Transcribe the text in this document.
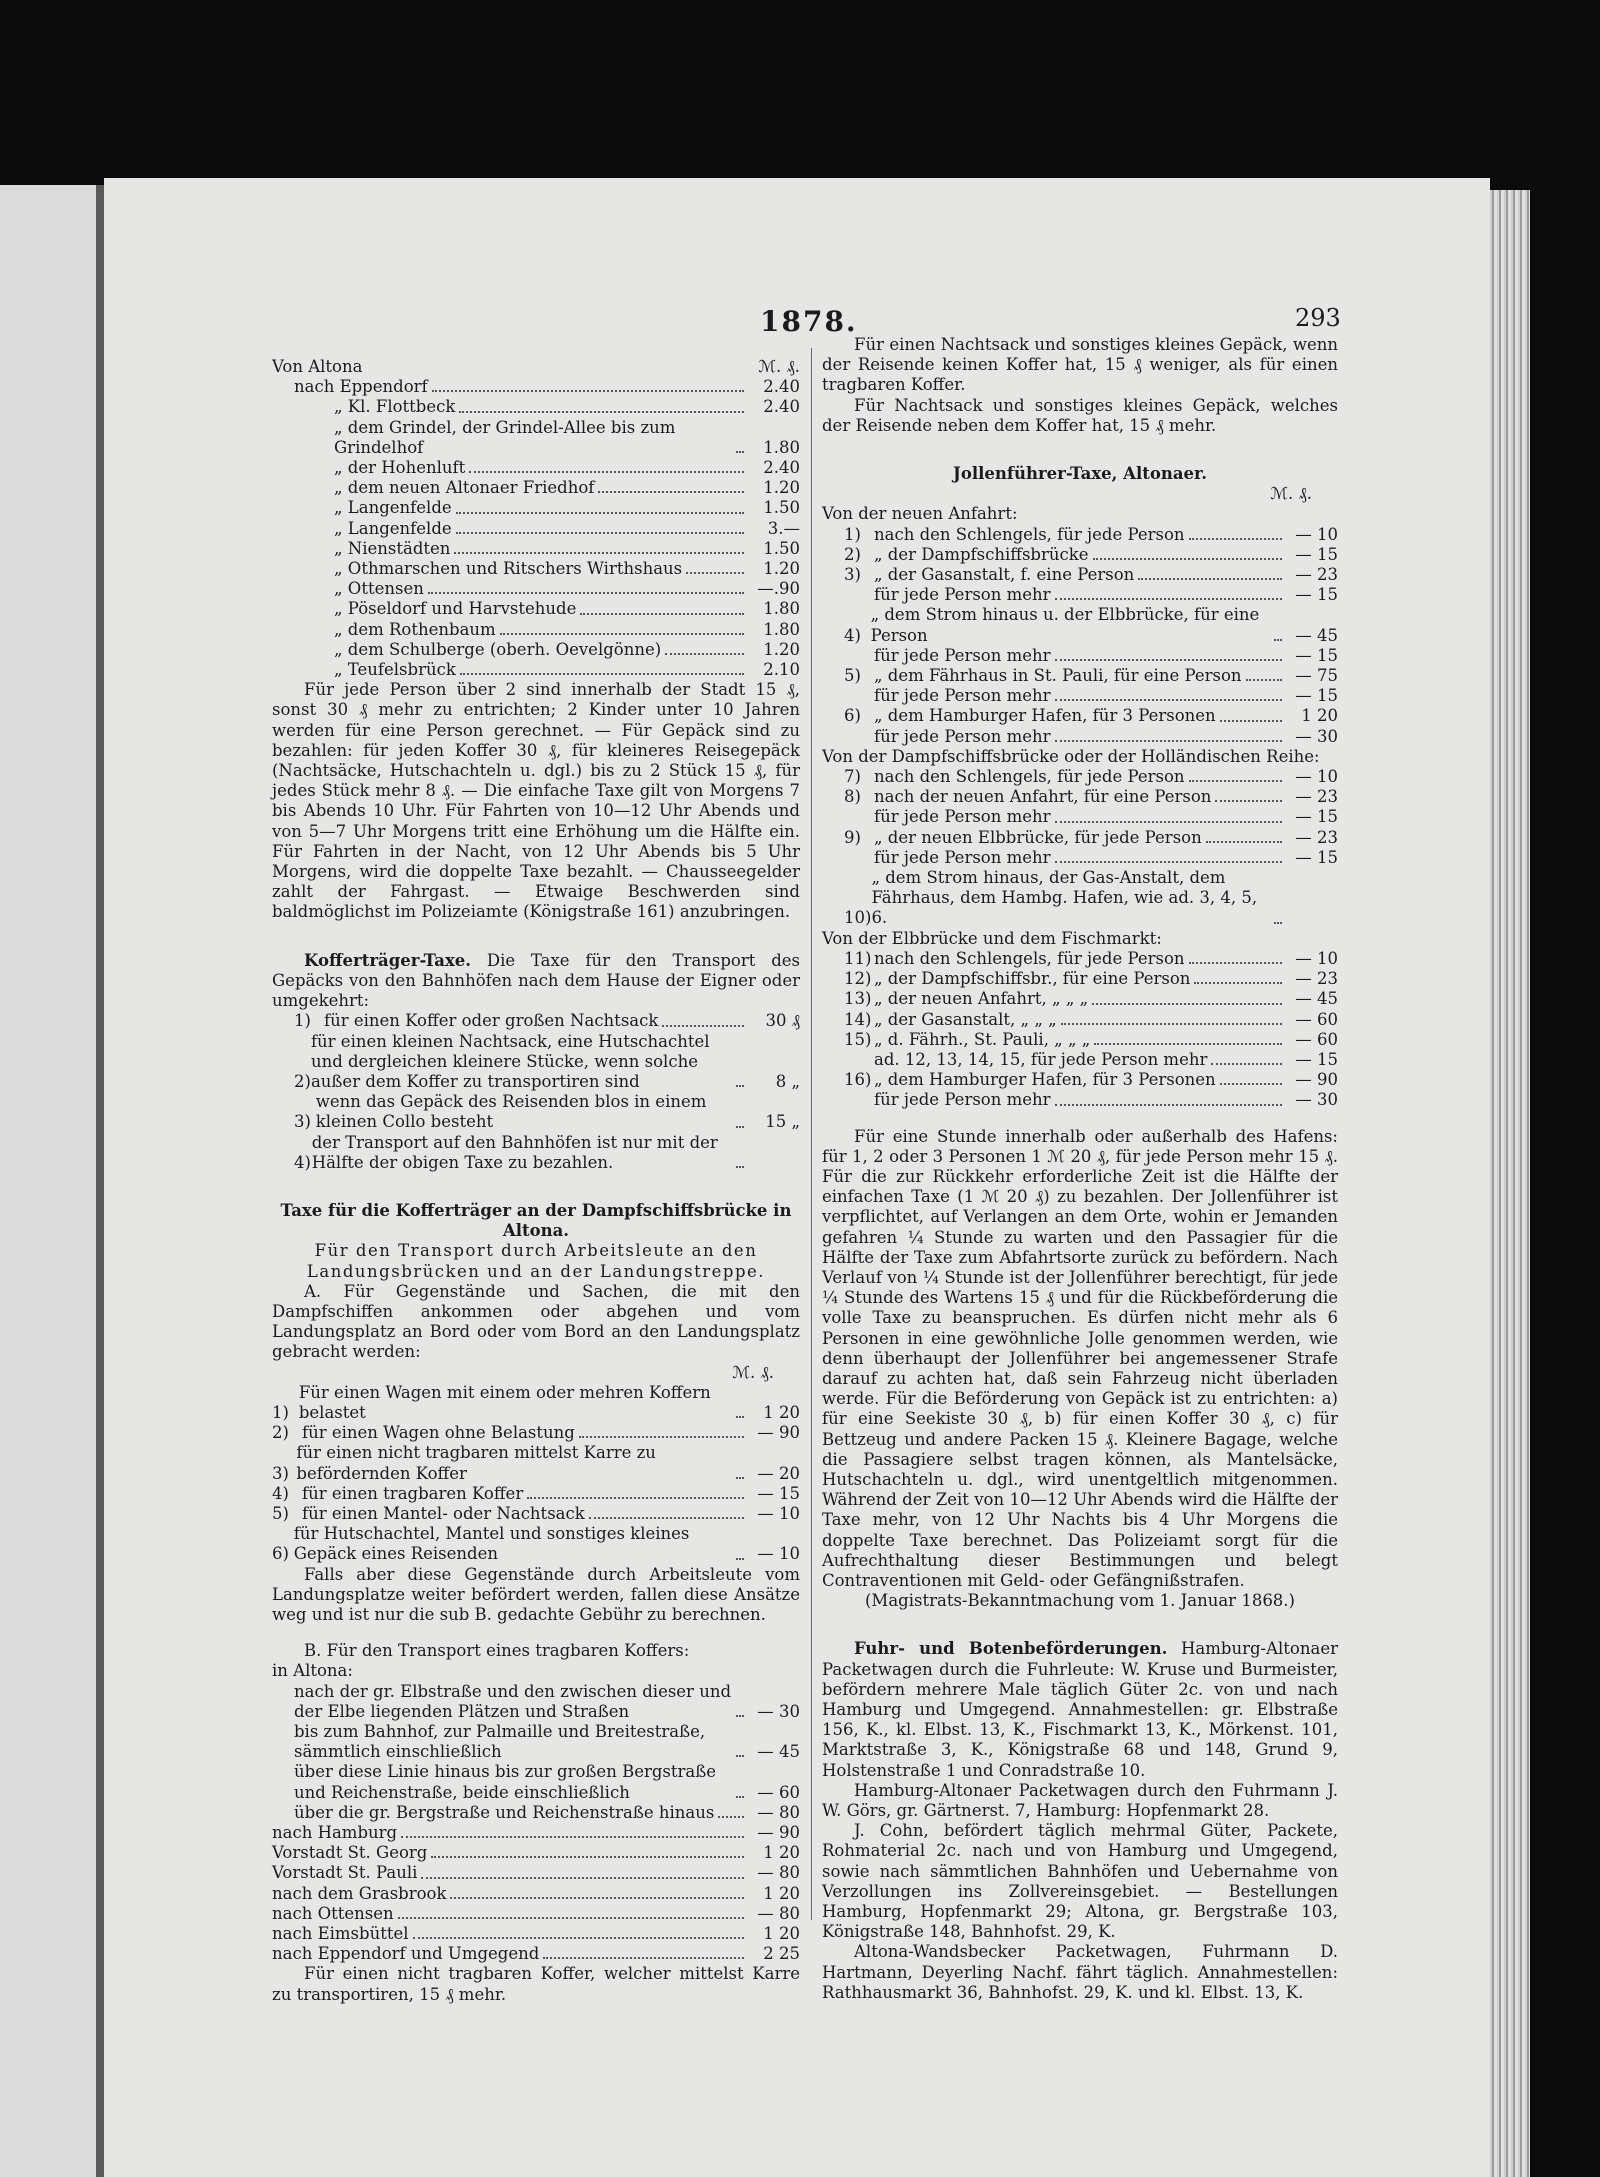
1878.	293
Von Altona	ℳ. ₰.
nach Eppendorf	2.40
„ Kl. Flottbeck	2.40
„ dem Grindel, der Grindel-Allee bis zum Grindelhof	1.80
„ der Hohenluft	2.40
„ dem neuen Altonaer Friedhof	1.20
„ Langenfelde	1.50
„ Langenfelde	3.—
„ Nienstädten	1.50
„ Othmarschen und Ritschers Wirthshaus	1.20
„ Ottensen	—.90
„ Pöseldorf und Harvstehude	1.80
„ dem Rothenbaum	1.80
„ dem Schulberge (oberh. Oevelgönne)	1.20
„ Teufelsbrück	2.10

Für jede Person über 2 sind innerhalb der Stadt 15 ₰, sonst 30 ₰ mehr zu entrichten; 2 Kinder unter 10 Jahren werden für eine Person gerechnet. — Für Gepäck sind zu bezahlen: für jeden Koffer 30 ₰, für kleineres Reisegepäck (Nachtsäcke, Hutschachteln u. dgl.) bis zu 2 Stück 15 ₰, für jedes Stück mehr 8 ₰. — Die einfache Taxe gilt von Morgens 7 bis Abends 10 Uhr. Für Fahrten von 10—12 Uhr Abends und von 5—7 Uhr Morgens tritt eine Erhöhung um die Hälfte ein. Für Fahrten in der Nacht, von 12 Uhr Abends bis 5 Uhr Morgens, wird die doppelte Taxe bezahlt. — Chausseegelder zahlt der Fahrgast. — Etwaige Beschwerden sind baldmöglichst im Polizeiamte (Königstraße 161) anzubringen.

Kofferträger-Taxe. Die Taxe für den Transport des Gepäcks von den Bahnhöfen nach dem Hause der Eigner oder umgekehrt:

1) für einen Koffer oder großen Nachtsack	30 ₰
2)
für einen kleinen Nachtsack, eine Hutschachtel und dergleichen kleinere Stücke, wenn solche außer dem Koffer zu transportiren sind	8 „
3)
wenn das Gepäck des Reisenden blos in einem kleinen Collo besteht	15 „
4)
der Transport auf den Bahnhöfen ist nur mit der Hälfte der obigen Taxe zu bezahlen.
Taxe für die Kofferträger an der Dampfschiffsbrücke in Altona.
Für den Transport durch Arbeitsleute an den Landungsbrücken und an der Landungstreppe.

A. Für Gegenstände und Sachen, die mit den Dampfschiffen ankommen oder abgehen und vom Landungsplatz an Bord oder vom Bord an den Landungsplatz gebracht werden:

ℳ. ₰.
1)
Für einen Wagen mit einem oder mehren Koffern belastet	1 20
2) für einen Wagen ohne Belastung	— 90
3)
für einen nicht tragbaren mittelst Karre zu befördernden Koffer	— 20
4) für einen tragbaren Koffer	— 15
5) für einen Mantel- oder Nachtsack	— 10
6)
für Hutschachtel, Mantel und sonstiges kleines Gepäck eines Reisenden	— 10

Falls aber diese Gegenstände durch Arbeitsleute vom Landungsplatze weiter befördert werden, fallen diese Ansätze weg und ist nur die sub B. gedachte Gebühr zu berechnen.

B. Für den Transport eines tragbaren Koffers:

in Altona:
nach der gr. Elbstraße und den zwischen dieser und der Elbe liegenden Plätzen und Straßen	— 30
bis zum Bahnhof, zur Palmaille und Breitestraße, sämmtlich einschließlich	— 45
über diese Linie hinaus bis zur großen Bergstraße und Reichenstraße, beide einschließlich	— 60
über die gr. Bergstraße und Reichenstraße hinaus	— 80
nach Hamburg	— 90
Vorstadt St. Georg	1 20
Vorstadt St. Pauli	— 80
nach dem Grasbrook	1 20
nach Ottensen	— 80
nach Eimsbüttel	1 20
nach Eppendorf und Umgegend	2 25

Für einen nicht tragbaren Koffer, welcher mittelst Karre zu transportiren, 15 ₰ mehr.

Für einen Nachtsack und sonstiges kleines Gepäck, wenn der Reisende keinen Koffer hat, 15 ₰ weniger, als für einen tragbaren Koffer.

Für Nachtsack und sonstiges kleines Gepäck, welches der Reisende neben dem Koffer hat, 15 ₰ mehr.

Jollenführer-Taxe, Altonaer.
ℳ. ₰.
Von der neuen Anfahrt:
1) nach den Schlengels, für jede Person	— 10
2) „ der Dampfschiffsbrücke	— 15
3) „ der Gasanstalt, f. eine Person	— 23
für jede Person mehr	— 15
4)
„ dem Strom hinaus u. der Elbbrücke, für eine Person	— 45
für jede Person mehr	— 15
5) „ dem Fährhaus in St. Pauli, für eine Person	— 75
für jede Person mehr	— 15
6) „ dem Hamburger Hafen, für 3 Personen	1 20
für jede Person mehr	— 30
Von der Dampfschiffsbrücke oder der Holländischen Reihe:
7) nach den Schlengels, für jede Person	— 10
8) nach der neuen Anfahrt, für eine Person	— 23
für jede Person mehr	— 15
9) „ der neuen Elbbrücke, für jede Person	— 23
für jede Person mehr	— 15
10)
„ dem Strom hinaus, der Gas-Anstalt, dem Fährhaus, dem Hambg. Hafen, wie ad. 3, 4, 5, 6.
Von der Elbbrücke und dem Fischmarkt:
11) nach den Schlengels, für jede Person	— 10
12) „ der Dampfschiffsbr., für eine Person	— 23
13) „ der neuen Anfahrt, „ „ „	— 45
14) „ der Gasanstalt, „ „ „	— 60
15) „ d. Fährh., St. Pauli, „ „ „	— 60
ad. 12, 13, 14, 15, für jede Person mehr	— 15
16) „ dem Hamburger Hafen, für 3 Personen	— 90
für jede Person mehr	— 30

Für eine Stunde innerhalb oder außerhalb des Hafens: für 1, 2 oder 3 Personen 1 ℳ 20 ₰, für jede Person mehr 15 ₰. Für die zur Rückkehr erforderliche Zeit ist die Hälfte der einfachen Taxe (1 ℳ 20 ₰) zu bezahlen. Der Jollenführer ist verpflichtet, auf Verlangen an dem Orte, wohin er Jemanden gefahren ¼ Stunde zu warten und den Passagier für die Hälfte der Taxe zum Abfahrtsorte zurück zu befördern. Nach Verlauf von ¼ Stunde ist der Jollenführer berechtigt, für jede ¼ Stunde des Wartens 15 ₰ und für die Rückbeförderung die volle Taxe zu beanspruchen. Es dürfen nicht mehr als 6 Personen in eine gewöhnliche Jolle genommen werden, wie denn überhaupt der Jollenführer bei angemessener Strafe darauf zu achten hat, daß sein Fahrzeug nicht überladen werde. Für die Beförderung von Gepäck ist zu entrichten: a) für eine Seekiste 30 ₰, b) für einen Koffer 30 ₰, c) für Bettzeug und andere Packen 15 ₰. Kleinere Bagage, welche die Passagiere selbst tragen können, als Mantelsäcke, Hutschachteln u. dgl., wird unentgeltlich mitgenommen. Während der Zeit von 10—12 Uhr Abends wird die Hälfte der Taxe mehr, von 12 Uhr Nachts bis 4 Uhr Morgens die doppelte Taxe berechnet. Das Polizeiamt sorgt für die Aufrechthaltung dieser Bestimmungen und belegt Contraventionen mit Geld- oder Gefängnißstrafen.

(Magistrats-Bekanntmachung vom 1. Januar 1868.)

Fuhr- und Botenbeförderungen. Hamburg-Altonaer Packetwagen durch die Fuhrleute: W. Kruse und Burmeister, befördern mehrere Male täglich Güter 2c. von und nach Hamburg und Umgegend. Annahmestellen: gr. Elbstraße 156, K., kl. Elbst. 13, K., Fischmarkt 13, K., Mörkenst. 101, Marktstraße 3, K., Königstraße 68 und 148, Grund 9, Holstenstraße 1 und Conradstraße 10.

Hamburg-Altonaer Packetwagen durch den Fuhrmann J. W. Görs, gr. Gärtnerst. 7, Hamburg: Hopfenmarkt 28.

J. Cohn, befördert täglich mehrmal Güter, Packete, Rohmaterial 2c. nach und von Hamburg und Umgegend, sowie nach sämmtlichen Bahnhöfen und Uebernahme von Verzollungen ins Zollvereinsgebiet. — Bestellungen Hamburg, Hopfenmarkt 29; Altona, gr. Bergstraße 103, Königstraße 148, Bahnhofst. 29, K.

Altona-Wandsbecker Packetwagen, Fuhrmann D. Hartmann, Deyerling Nachf. fährt täglich. Annahmestellen: Rathhausmarkt 36, Bahnhofst. 29, K. und kl. Elbst. 13, K.
